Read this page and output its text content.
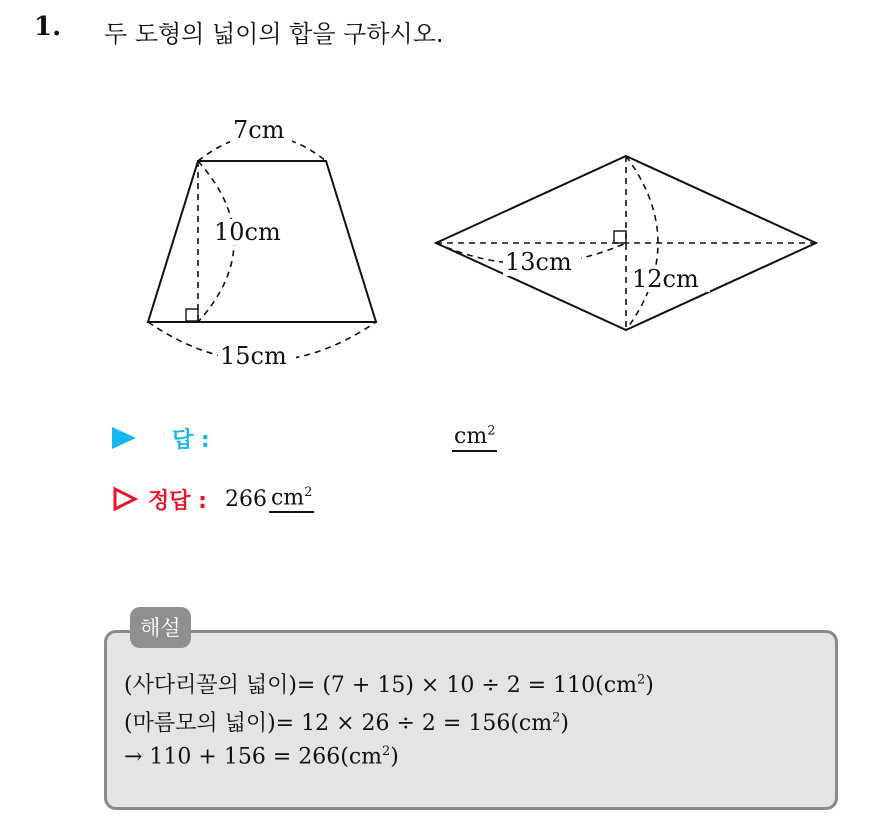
1. 두 도형의 넓이의 합을 구하시오.
7cm
10cm
15cm
13cm
12cm
답 :	$cm^2$
정답 : 266 $cm^2$
해설
(사다리꼴의 넓이)= $(7 + 15) \times 10 \div 2 = 110(cm^2)$
(마름모의 넓이)= $12 \times 26 \div 2 = 156(cm^2)$
→ $110 + 156 = 266(cm^2)$
